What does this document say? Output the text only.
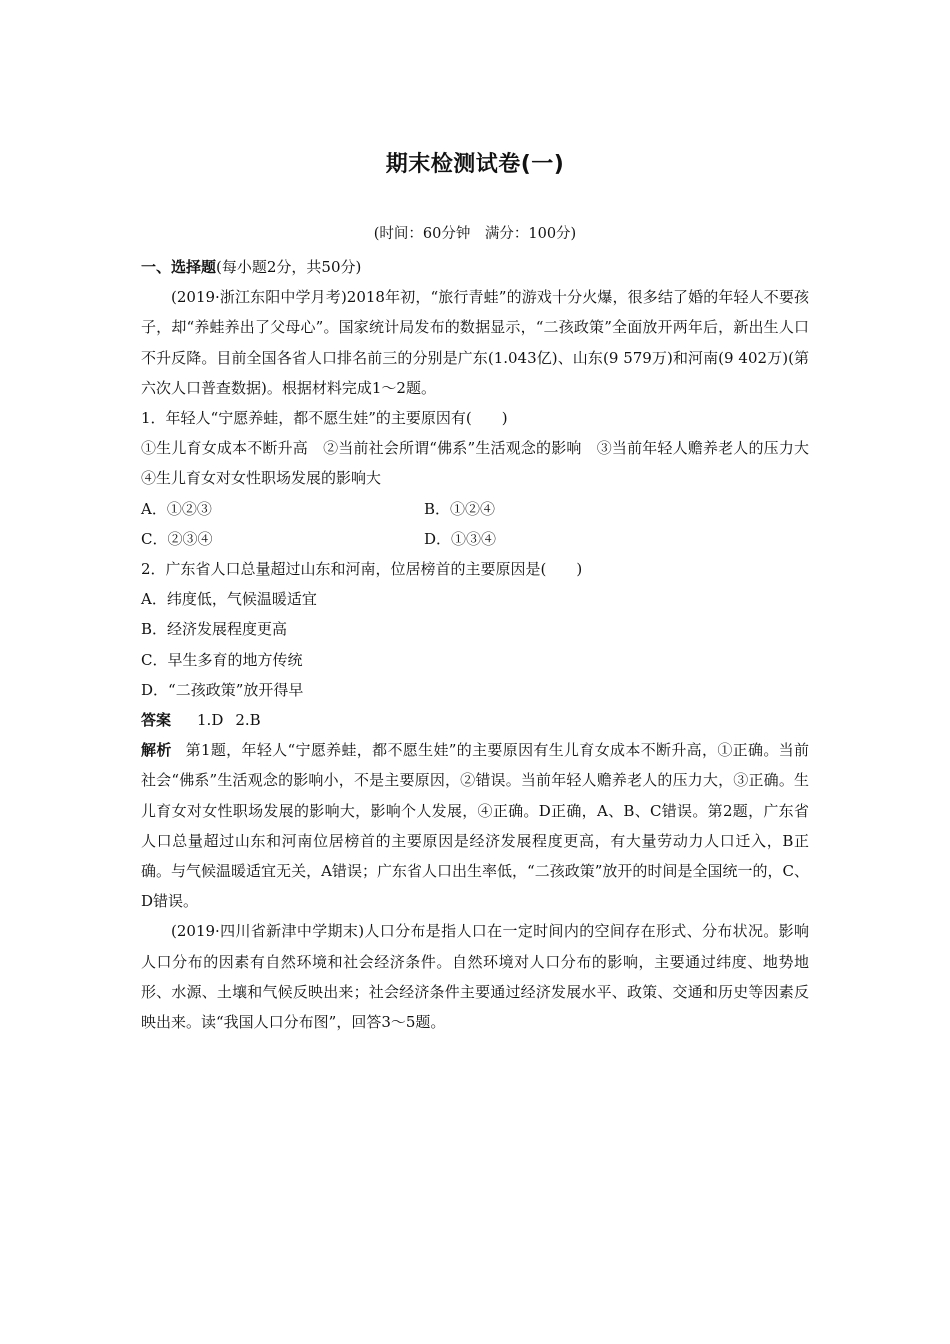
期末检测试卷(一)
(时间：60分钟　满分：100分)
一、选择题(每小题2分，共50分)

(2019·浙江东阳中学月考)2018年初，“旅行青蛙”的游戏十分火爆，很多结了婚的年轻人不要孩子，却“养蛙养出了父母心”。国家统计局发布的数据显示，“二孩政策”全面放开两年后，新出生人口不升反降。目前全国各省人口排名前三的分别是广东(1.043亿)、山东(9 579万)和河南(9 402万)(第六次人口普查数据)。根据材料完成1～2题。

1．年轻人“宁愿养蛙，都不愿生娃”的主要原因有(　　)

①生儿育女成本不断升高　②当前社会所谓“佛系”生活观念的影响　③当前年轻人赡养老人的压力大　④生儿育女对女性职场发展的影响大

A．①②③	B．①②④
C．②③④	D．①③④
2．广东省人口总量超过山东和河南，位居榜首的主要原因是(　　)
A．纬度低，气候温暖适宜
B．经济发展程度更高
C．早生多育的地方传统
D．“二孩政策”放开得早
答案 1.D 2.B

解析 第1题，年轻人“宁愿养蛙，都不愿生娃”的主要原因有生儿育女成本不断升高，①正确。当前社会“佛系”生活观念的影响小，不是主要原因，②错误。当前年轻人赡养老人的压力大，③正确。生儿育女对女性职场发展的影响大，影响个人发展，④正确。D正确，A、B、C错误。第2题，广东省人口总量超过山东和河南位居榜首的主要原因是经济发展程度更高，有大量劳动力人口迁入，B正确。与气候温暖适宜无关，A错误；广东省人口出生率低，“二孩政策”放开的时间是全国统一的，C、D错误。

(2019·四川省新津中学期末)人口分布是指人口在一定时间内的空间存在形式、分布状况。影响人口分布的因素有自然环境和社会经济条件。自然环境对人口分布的影响，主要通过纬度、地势地形、水源、土壤和气候反映出来；社会经济条件主要通过经济发展水平、政策、交通和历史等因素反映出来。读“我国人口分布图”，回答3～5题。
